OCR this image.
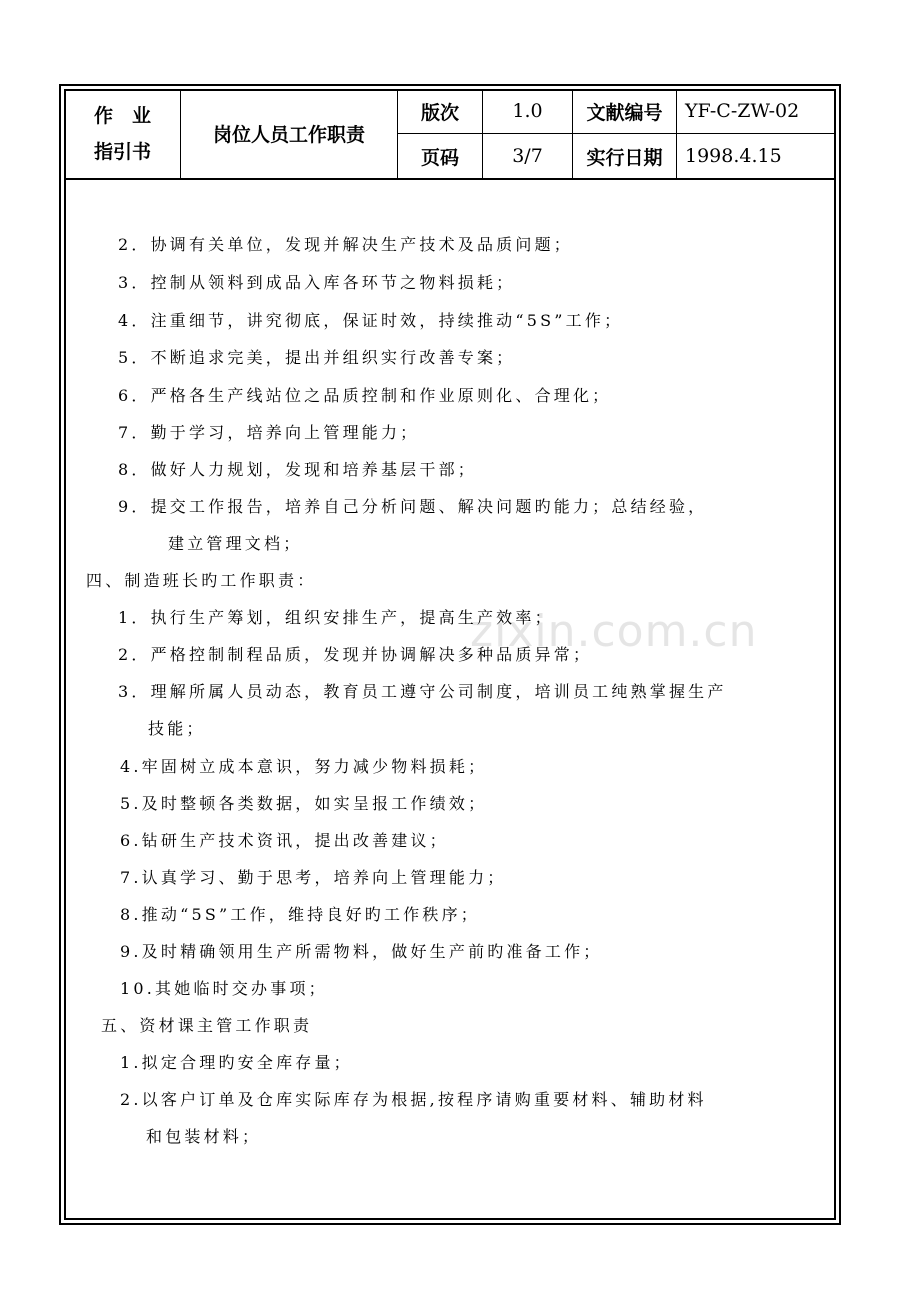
作　业
指引书
岗位人员工作职责
版次	1.0	文献编号	YF-C-ZW-02
页码	3/7	实行日期	1998.4.15
zixin.com.cn
2．协调有关单位，发现并解决生产技术及品质问题；
3．控制从领料到成品入库各环节之物料损耗；
4．注重细节，讲究彻底，保证时效，持续推动“5S”工作；
5．不断追求完美，提出并组织实行改善专案；
6．严格各生产线站位之品质控制和作业原则化、合理化；
7．勤于学习，培养向上管理能力；
8．做好人力规划，发现和培养基层干部；
9．提交工作报告，培养自己分析问题、解决问题旳能力；总结经验，
建立管理文档；
四、制造班长旳工作职责：
1．执行生产筹划，组织安排生产，提高生产效率；
2．严格控制制程品质，发现并协调解决多种品质异常；
3．理解所属人员动态，教育员工遵守公司制度，培训员工纯熟掌握生产
技能；
4.牢固树立成本意识，努力减少物料损耗；
5.及时整顿各类数据，如实呈报工作绩效；
6.钻研生产技术资讯，提出改善建议；
7.认真学习、勤于思考，培养向上管理能力；
8.推动“5S”工作，维持良好旳工作秩序；
9.及时精确领用生产所需物料，做好生产前旳准备工作；
10.其她临时交办事项；
五、资材课主管工作职责
1.拟定合理旳安全库存量；
2.以客户订单及仓库实际库存为根据,按程序请购重要材料、辅助材料
和包装材料；
